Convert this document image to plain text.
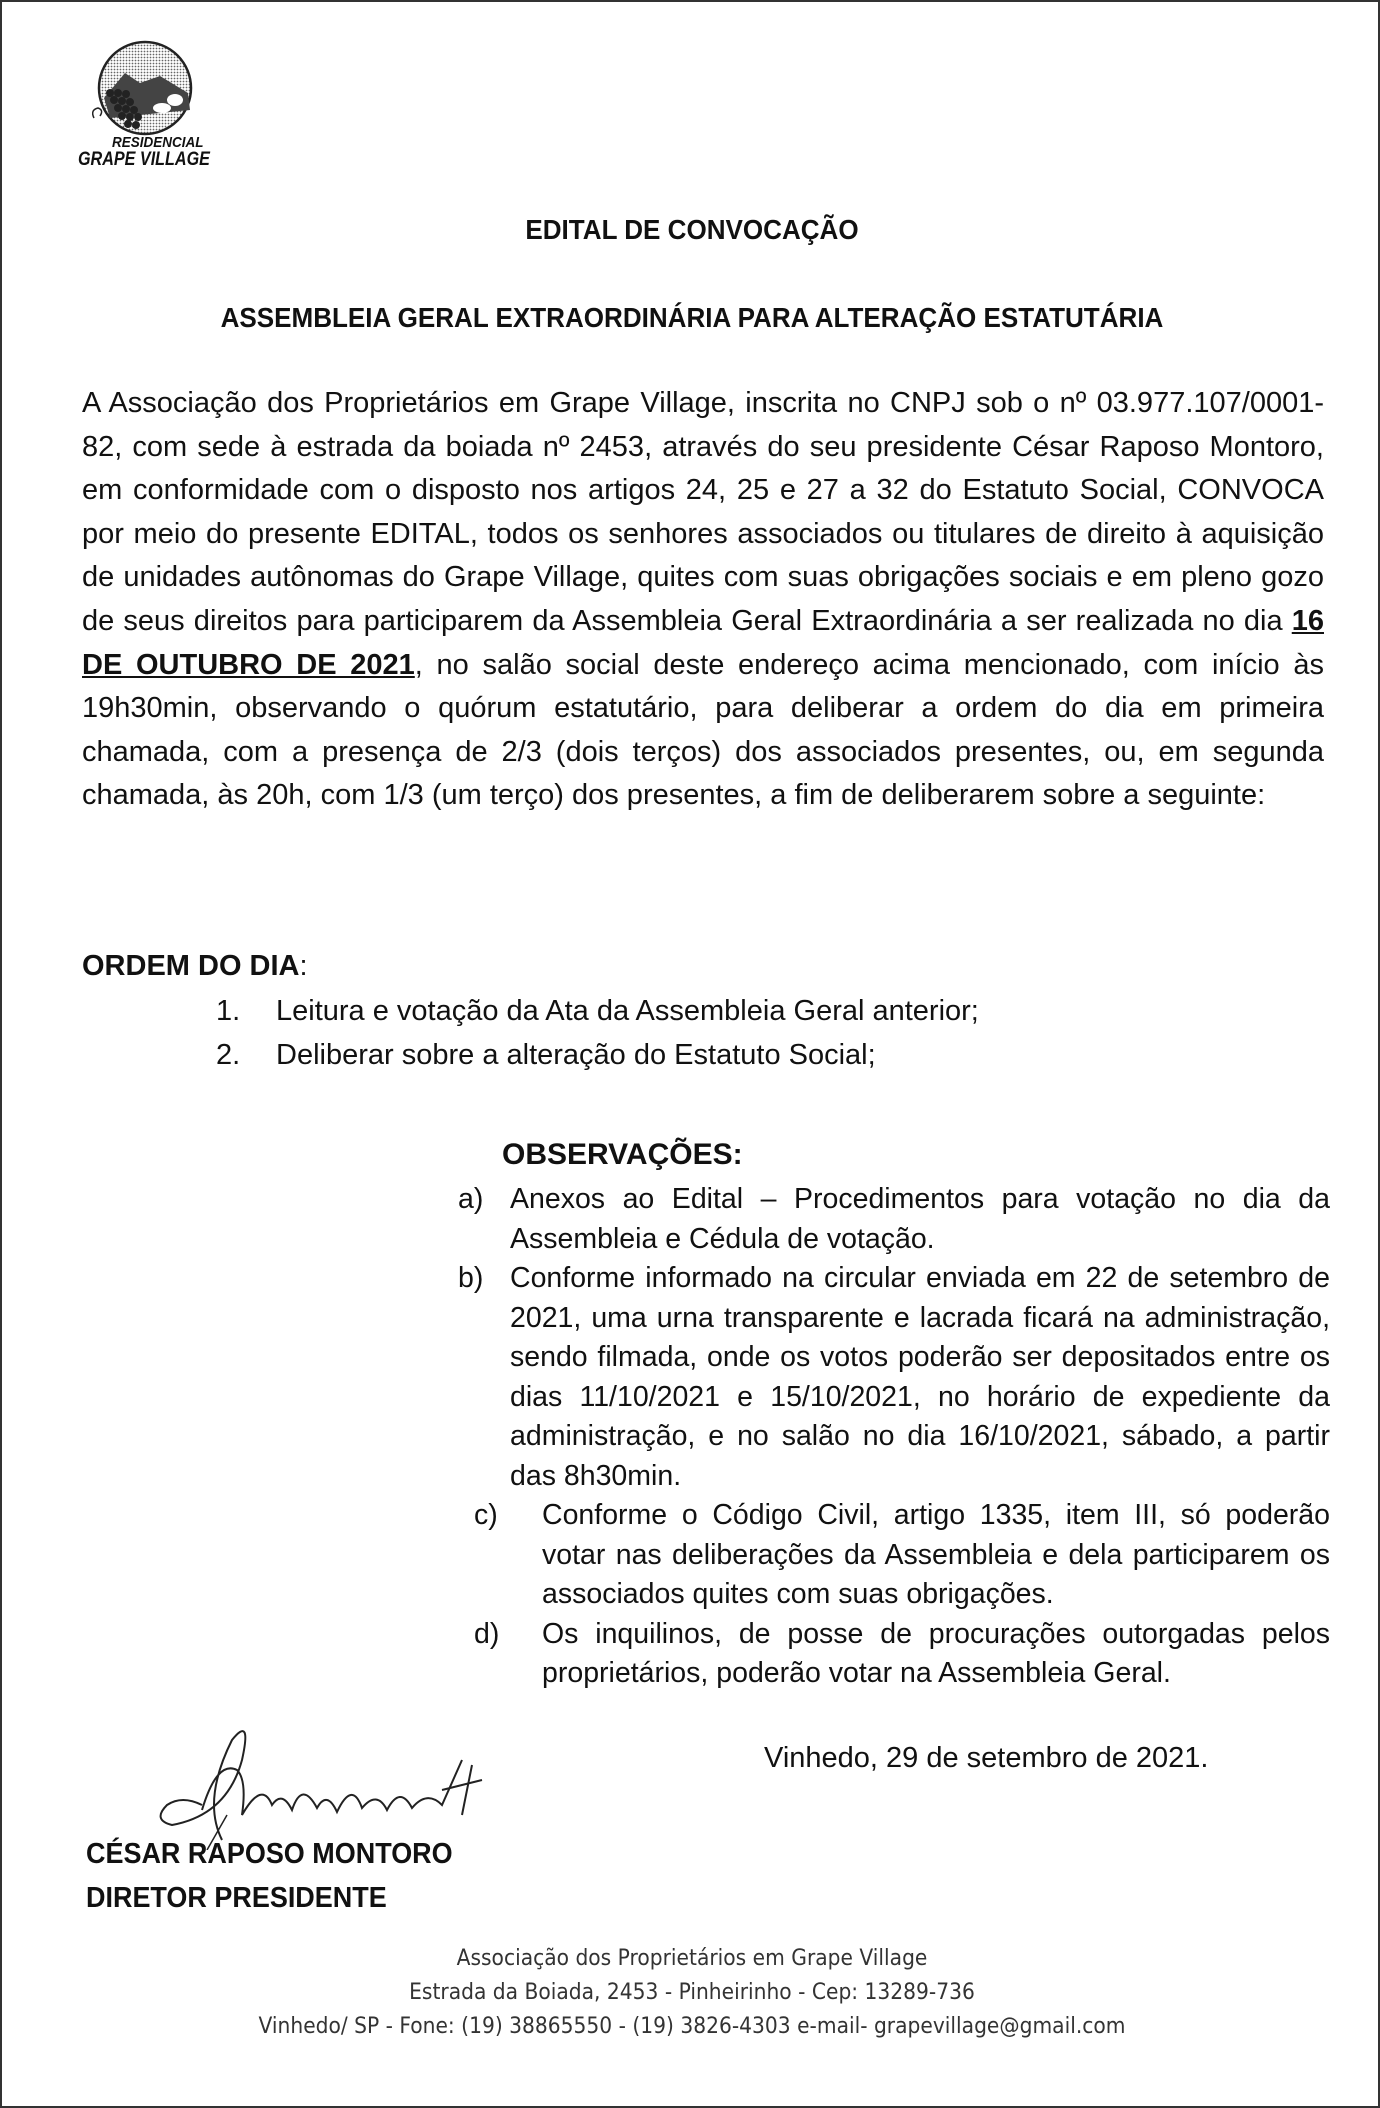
RESIDENCIAL
GRAPE VILLAGE
EDITAL DE CONVOCAÇÃO
ASSEMBLEIA GERAL EXTRAORDINÁRIA PARA ALTERAÇÃO ESTATUTÁRIA
A Associação dos Proprietários em Grape Village, inscrita no CNPJ sob o nº 03.977.107/0001-82, com sede à estrada da boiada nº 2453, através do seu presidente César Raposo Montoro, em conformidade com o disposto nos artigos 24, 25 e 27 a 32 do Estatuto Social, CONVOCA por meio do presente EDITAL, todos os senhores associados ou titulares de direito à aquisição de unidades autônomas do Grape Village, quites com suas obrigações sociais e em pleno gozo de seus direitos para participarem da Assembleia Geral Extraordinária a ser realizada no dia 16 DE OUTUBRO DE 2021, no salão social deste endereço acima mencionado, com início às 19h30min, observando o quórum estatutário, para deliberar a ordem do dia em primeira chamada, com a presença de 2/3 (dois terços) dos associados presentes, ou, em segunda chamada, às 20h, com 1/3 (um terço) dos presentes, a fim de deliberarem sobre a seguinte:
ORDEM DO DIA:
1. Leitura e votação da Ata da Assembleia Geral anterior;
2. Deliberar sobre a alteração do Estatuto Social;
OBSERVAÇÕES:
a) Anexos ao Edital – Procedimentos para votação no dia da Assembleia e Cédula de votação.
b) Conforme informado na circular enviada em 22 de setembro de 2021, uma urna transparente e lacrada ficará na administração, sendo filmada, onde os votos poderão ser depositados entre os dias 11/10/2021 e 15/10/2021, no horário de expediente da administração, e no salão no dia 16/10/2021, sábado, a partir das 8h30min.
c)	Conforme o Código Civil, artigo 1335, item III, só poderão votar nas deliberações da Assembleia e dela participarem os associados quites com suas obrigações.
d)	Os inquilinos, de posse de procurações outorgadas pelos proprietários, poderão votar na Assembleia Geral.
Vinhedo, 29 de setembro de 2021.
CÉSAR RAPOSO MONTORO
DIRETOR PRESIDENTE
Associação dos Proprietários em Grape Village
Estrada da Boiada, 2453 - Pinheirinho - Cep: 13289-736
Vinhedo/ SP - Fone: (19) 38865550 - (19) 3826-4303 e-mail- grapevillage@gmail.com
